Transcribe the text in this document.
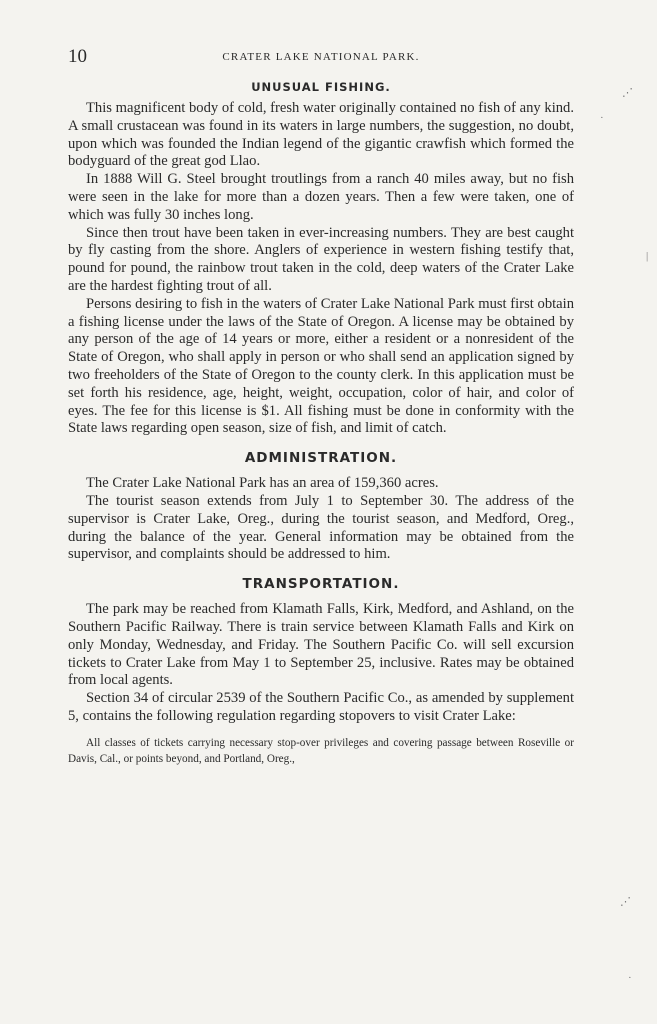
10	CRATER LAKE NATIONAL PARK.
UNUSUAL FISHING.

This magnificent body of cold, fresh water originally contained no fish of any kind. A small crustacean was found in its waters in large numbers, the suggestion, no doubt, upon which was founded the Indian legend of the gigantic crawfish which formed the bodyguard of the great god Llao.

In 1888 Will G. Steel brought troutlings from a ranch 40 miles away, but no fish were seen in the lake for more than a dozen years. Then a few were taken, one of which was fully 30 inches long.

Since then trout have been taken in ever-increasing numbers. They are best caught by fly casting from the shore. Anglers of experience in western fishing testify that, pound for pound, the rainbow trout taken in the cold, deep waters of the Crater Lake are the hardest fighting trout of all.

Persons desiring to fish in the waters of Crater Lake National Park must first obtain a fishing license under the laws of the State of Oregon. A license may be obtained by any person of the age of 14 years or more, either a resident or a nonresident of the State of Oregon, who shall apply in person or who shall send an application signed by two freeholders of the State of Oregon to the county clerk. In this application must be set forth his residence, age, height, weight, occupation, color of hair, and color of eyes. The fee for this license is $1. All fishing must be done in conformity with the State laws regarding open season, size of fish, and limit of catch.

ADMINISTRATION.

The Crater Lake National Park has an area of 159,360 acres.

The tourist season extends from July 1 to September 30. The address of the supervisor is Crater Lake, Oreg., during the tourist season, and Medford, Oreg., during the balance of the year. General information may be obtained from the supervisor, and complaints should be addressed to him.

TRANSPORTATION.

The park may be reached from Klamath Falls, Kirk, Medford, and Ashland, on the Southern Pacific Railway. There is train service between Klamath Falls and Kirk on only Monday, Wednesday, and Friday. The Southern Pacific Co. will sell excursion tickets to Crater Lake from May 1 to September 25, inclusive. Rates may be obtained from local agents.

Section 34 of circular 2539 of the Southern Pacific Co., as amended by supplement 5, contains the following regulation regarding stopovers to visit Crater Lake:

All classes of tickets carrying necessary stop-over privileges and covering passage between Roseville or Davis, Cal., or points beyond, and Portland, Oreg.,

⋰
·
|
⋰
·
